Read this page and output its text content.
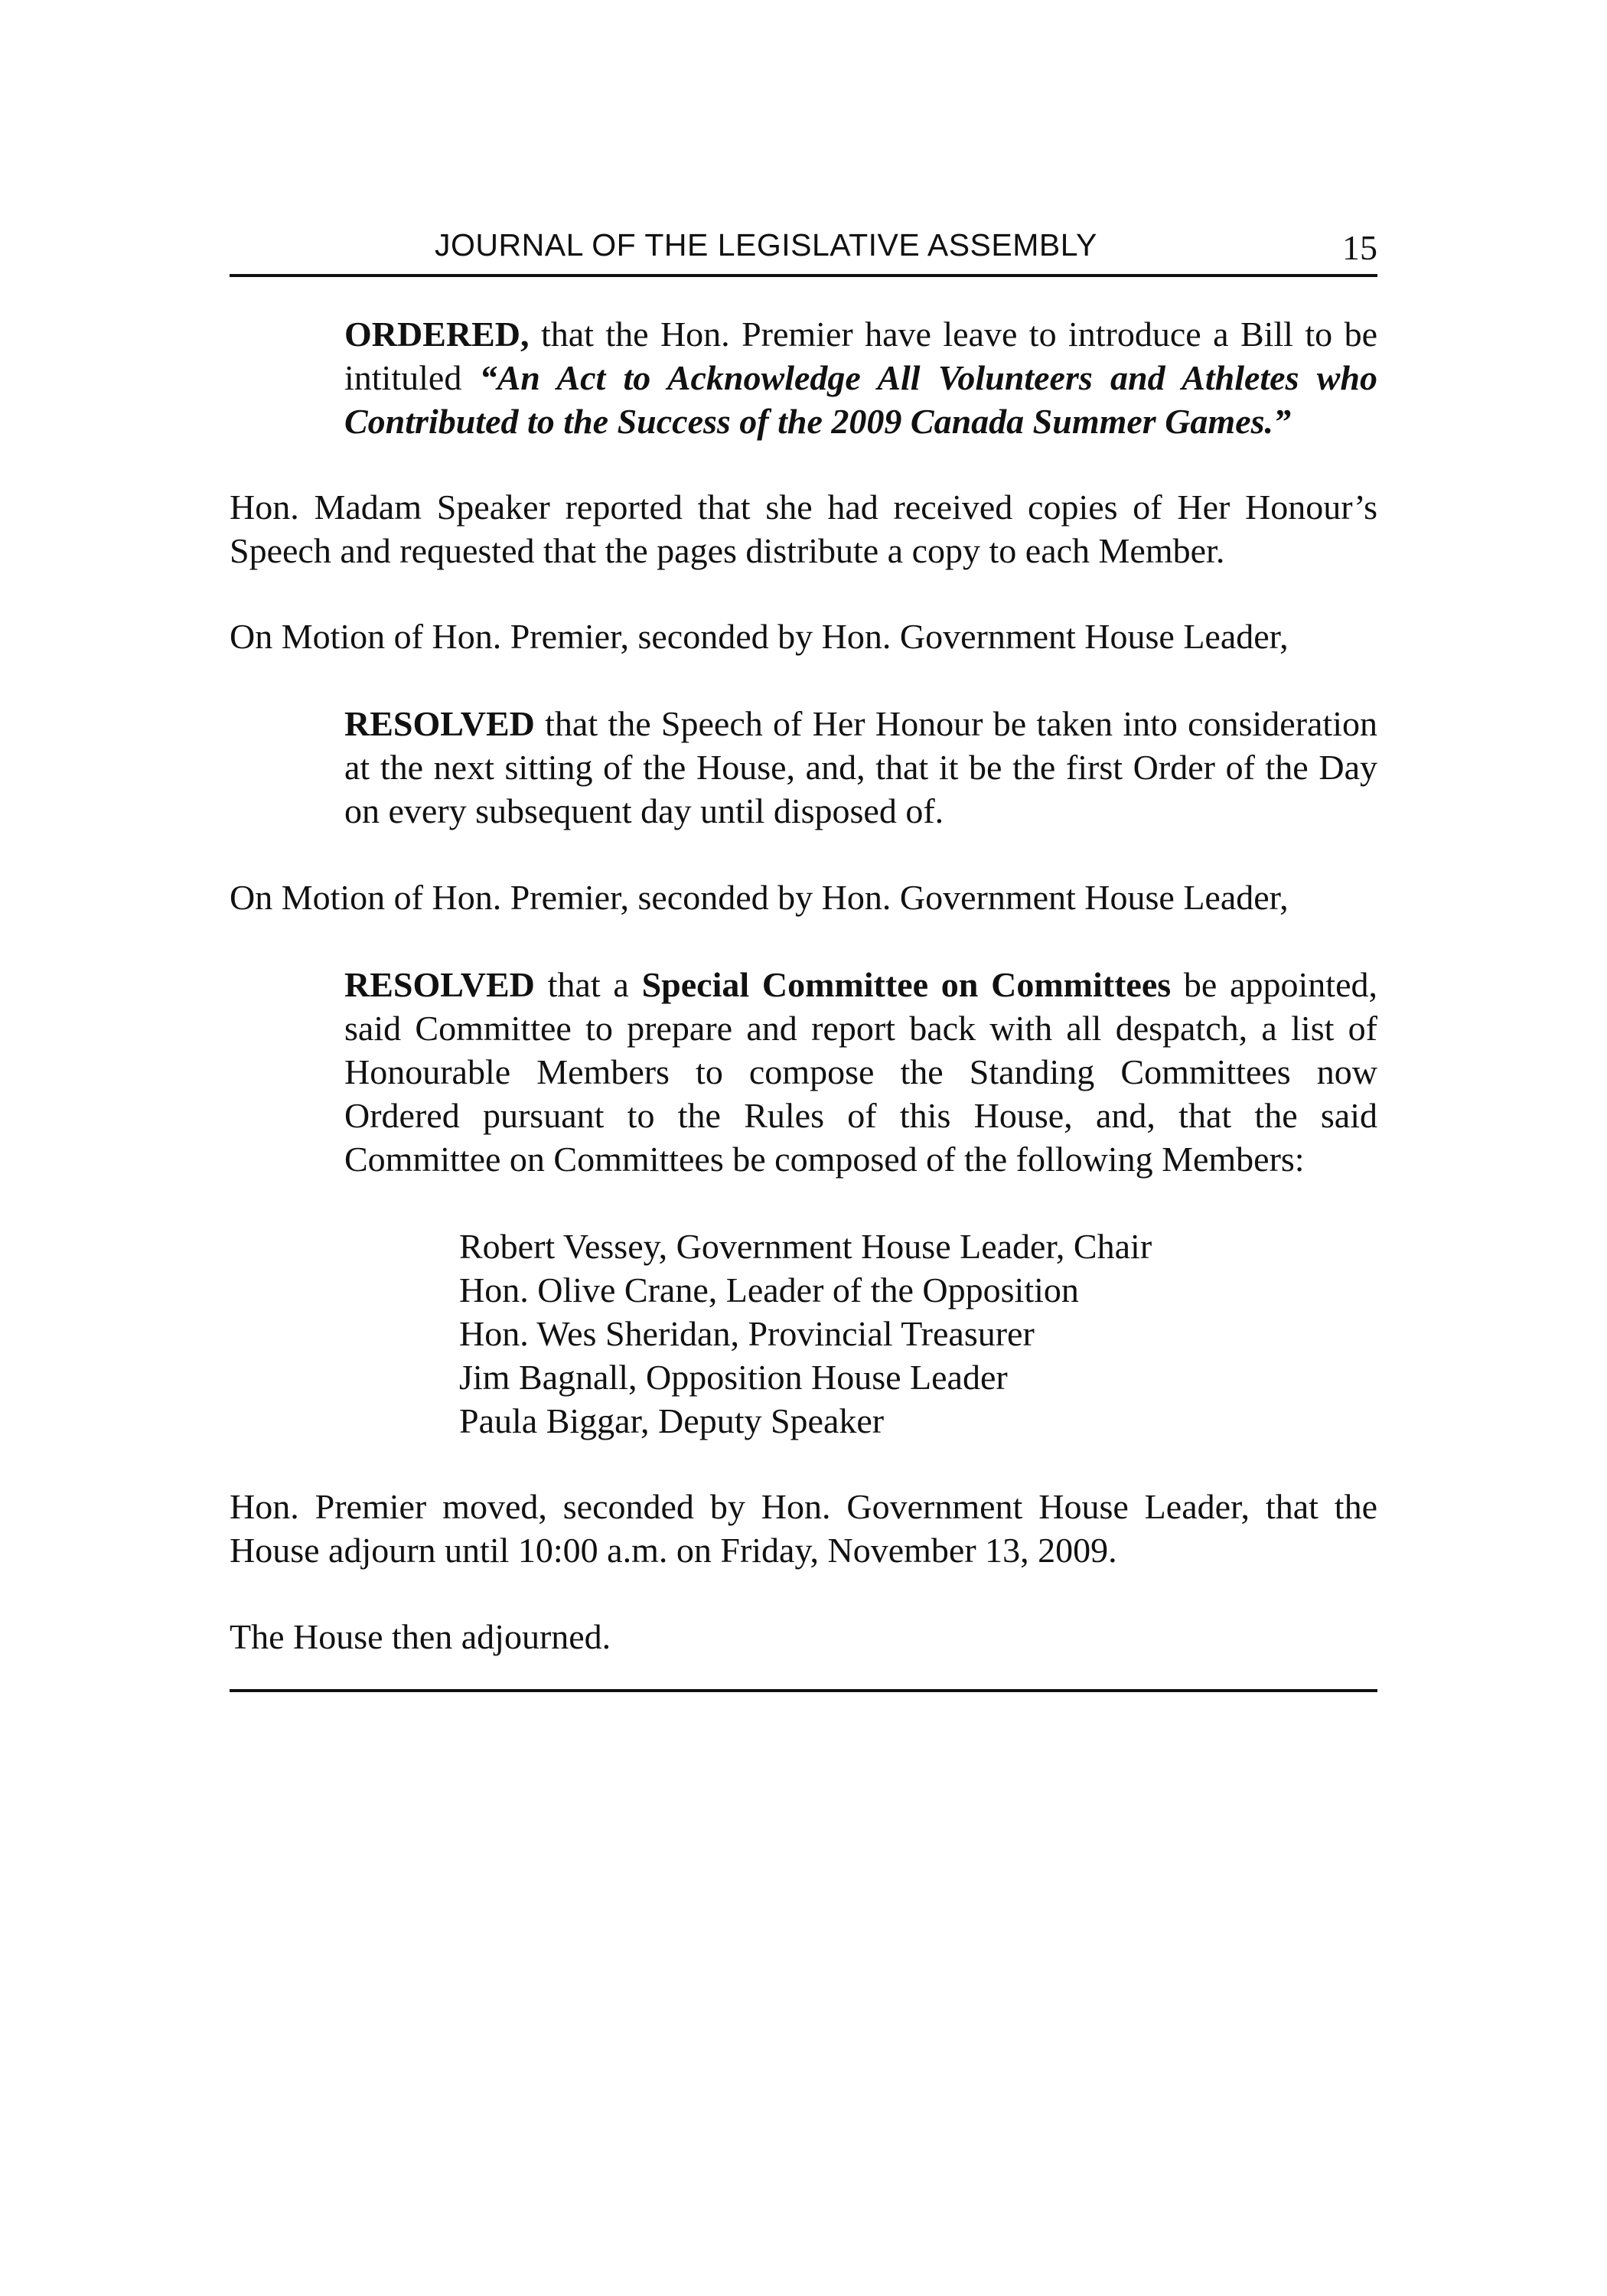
JOURNAL OF THE LEGISLATIVE ASSEMBLY	15

ORDERED, that the Hon. Premier have leave to introduce a Bill to be intituled “An Act to Acknowledge All Volunteers and Athletes who Contributed to the Success of the 2009 Canada Summer Games.”

Hon. Madam Speaker reported that she had received copies of Her Honour’s Speech and requested that the pages distribute a copy to each Member.

On Motion of Hon. Premier, seconded by Hon. Government House Leader,

RESOLVED that the Speech of Her Honour be taken into consideration at the next sitting of the House, and, that it be the first Order of the Day on every subsequent day until disposed of.

On Motion of Hon. Premier, seconded by Hon. Government House Leader,

RESOLVED that a Special Committee on Committees be appointed, said Committee to prepare and report back with all despatch, a list of Honourable Members to compose the Standing Committees now Ordered pursuant to the Rules of this House, and, that the said Committee on Committees be composed of the following Members:

Robert Vessey, Government House Leader, Chair
Hon. Olive Crane, Leader of the Opposition
Hon. Wes Sheridan, Provincial Treasurer
Jim Bagnall, Opposition House Leader
Paula Biggar, Deputy Speaker

Hon. Premier moved, seconded by Hon. Government House Leader, that the House adjourn until 10:00 a.m. on Friday, November 13, 2009.

The House then adjourned.
